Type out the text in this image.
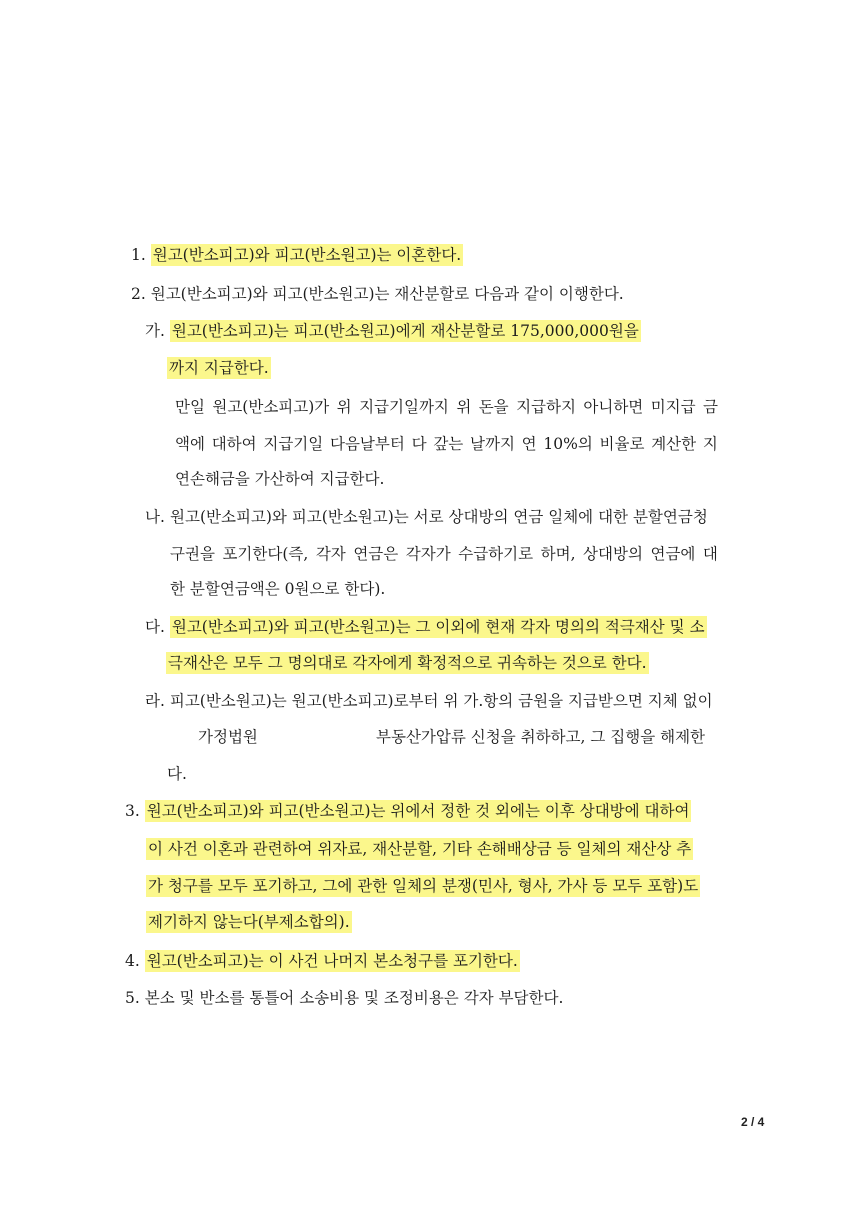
1. 원고(반소피고)와 피고(반소원고)는 이혼한다.
2. 원고(반소피고)와 피고(반소원고)는 재산분할로 다음과 같이 이행한다.
가. 원고(반소피고)는 피고(반소원고)에게 재산분할로 175,000,000원을
까지 지급한다.
만일 원고(반소피고)가 위 지급기일까지 위 돈을 지급하지 아니하면 미지급 금
액에 대하여 지급기일 다음날부터 다 갚는 날까지 연 10%의 비율로 계산한 지
연손해금을 가산하여 지급한다.
나. 원고(반소피고)와 피고(반소원고)는 서로 상대방의 연금 일체에 대한 분할연금청
구권을 포기한다(즉, 각자 연금은 각자가 수급하기로 하며, 상대방의 연금에 대
한 분할연금액은 0원으로 한다).
다. 원고(반소피고)와 피고(반소원고)는 그 이외에 현재 각자 명의의 적극재산 및 소
극재산은 모두 그 명의대로 각자에게 확정적으로 귀속하는 것으로 한다.
라. 피고(반소원고)는 원고(반소피고)로부터 위 가.항의 금원을 지급받으면 지체 없이
가정법원	부동산가압류 신청을 취하하고, 그 집행을 해제한
다.
3. 원고(반소피고)와 피고(반소원고)는 위에서 정한 것 외에는 이후 상대방에 대하여
이 사건 이혼과 관련하여 위자료, 재산분할, 기타 손해배상금 등 일체의 재산상 추
가 청구를 모두 포기하고, 그에 관한 일체의 분쟁(민사, 형사, 가사 등 모두 포함)도
제기하지 않는다(부제소합의).
4. 원고(반소피고)는 이 사건 나머지 본소청구를 포기한다.
5. 본소 및 반소를 통틀어 소송비용 및 조정비용은 각자 부담한다.
2 / 4
